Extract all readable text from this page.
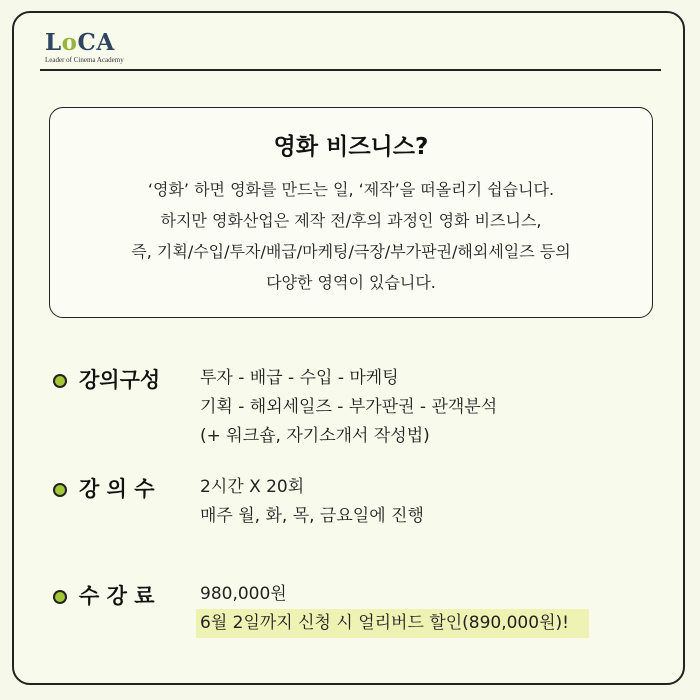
LoCA
Leader of Cinema Academy
영화 비즈니스?
‘영화’ 하면 영화를 만드는 일, ‘제작’을 떠올리기 쉽습니다.
하지만 영화산업은 제작 전/후의 과정인 영화 비즈니스,
즉, 기획/수입/투자/배급/마케팅/극장/부가판권/해외세일즈 등의
다양한 영역이 있습니다.
강의구성 투자 - 배급 - 수입 - 마케팅
기획 - 해외세일즈 - 부가판권 - 관객분석
(+ 워크숍, 자기소개서 작성법)
강 의 수	2시간 X 20회
매주 월, 화, 목, 금요일에 진행
수 강 료	980,000원
6월 2일까지 신청 시 얼리버드 할인(890,000원)!
